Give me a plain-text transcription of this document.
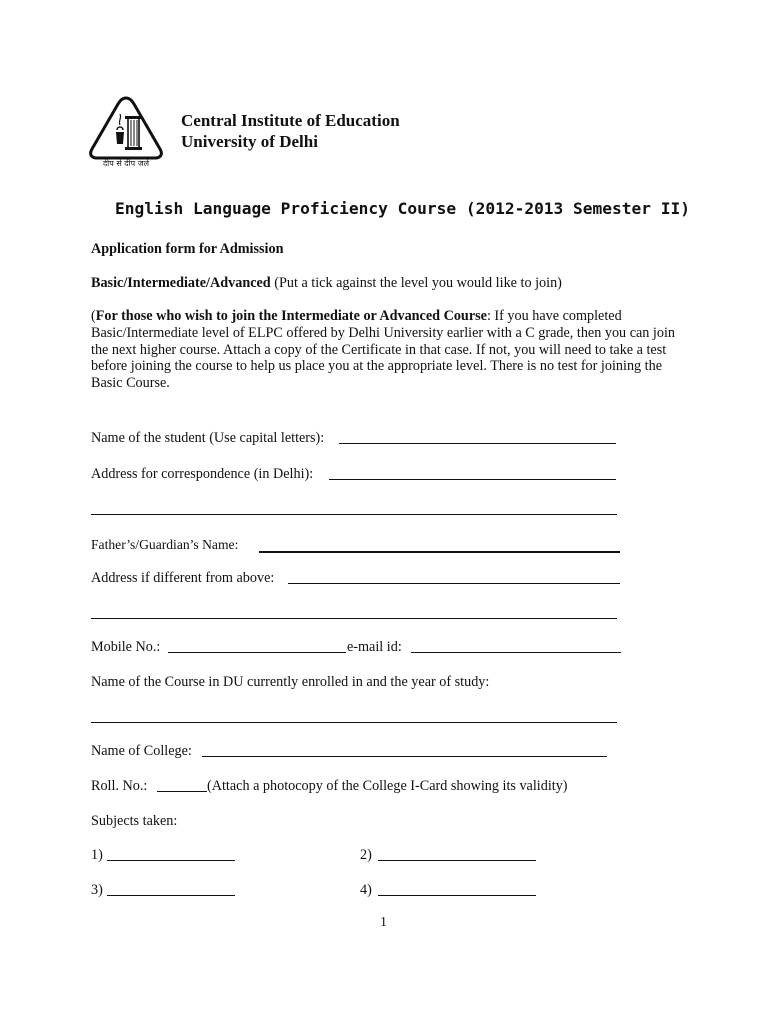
दीप से दीप जले
Central Institute of Education
University of Delhi
English Language Proficiency Course (2012-2013 Semester II)
Application form for Admission
Basic/Intermediate/Advanced (Put a tick against the level you would like to join)
(For those who wish to join the Intermediate or Advanced Course: If you have completed Basic/Intermediate level of ELPC offered by Delhi University earlier with a C grade, then you can join the next higher course. Attach a copy of the Certificate in that case. If not, you will need to take a test before joining the course to help us place you at the appropriate level. There is no test for joining the Basic Course.
Name of the student (Use capital letters):
Address for correspondence (in Delhi):
Father’s/Guardian’s Name:
Address if different from above:
Mobile No.:	e-mail id:
Name of the Course in DU currently enrolled in and the year of study:
Name of College:
Roll. No.:	(Attach a photocopy of the College I-Card showing its validity)
Subjects taken:
1)	2)
3)	4)
1
